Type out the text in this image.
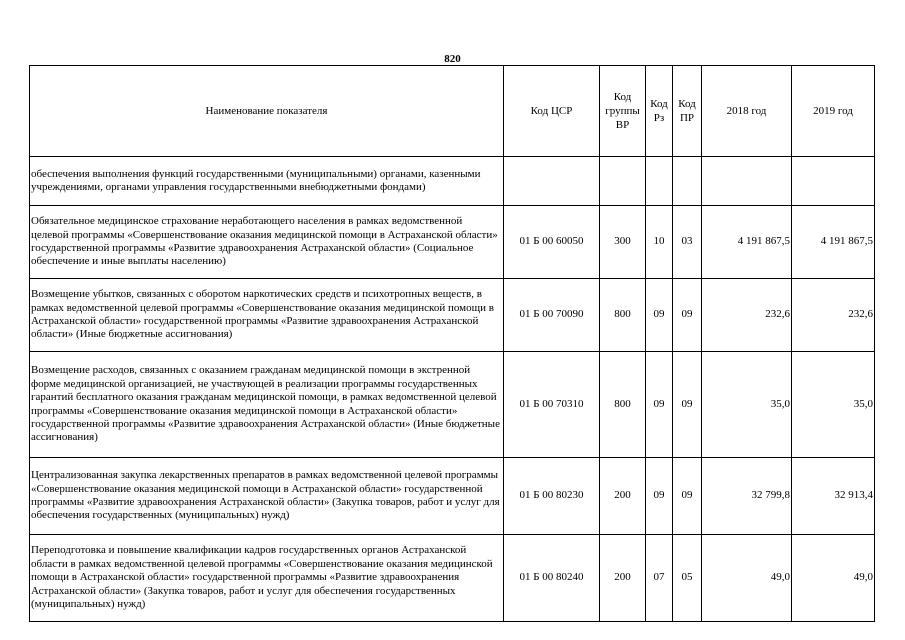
820
Наименование показателя	Код ЦСР	Код группы ВР	Код Рз	Код ПР	2018 год	2019 год
обеспечения выполнения функций государственными (муниципальными) органами, казенными учреждениями, органами управления государственными внебюджетными фондами)						
Обязательное медицинское страхование неработающего населения в рамках ведомственной целевой программы «Совершенствование оказания медицинской помощи в Астраханской области» государственной программы «Развитие здравоохранения Астраханской области» (Социальное обеспечение и иные выплаты населению)	01 Б 00 60050	300	10	03	4 191 867,5	4 191 867,5
Возмещение убытков, связанных с оборотом наркотических средств и психотропных веществ, в рамках ведомственной целевой программы «Совершенствование оказания медицинской помощи в Астраханской области» государственной программы «Развитие здравоохранения Астраханской области» (Иные бюджетные ассигнования)	01 Б 00 70090	800	09	09	232,6	232,6
Возмещение расходов, связанных с оказанием гражданам медицинской помощи в экстренной форме медицинской организацией, не участвующей в реализации программы государственных гарантий бесплатного оказания гражданам медицинской помощи, в рамках ведомственной целевой программы «Совершенствование оказания медицинской помощи в Астраханской области» государственной программы «Развитие здравоохранения Астраханской области» (Иные бюджетные ассигнования)	01 Б 00 70310	800	09	09	35,0	35,0
Централизованная закупка лекарственных препаратов в рамках ведомственной целевой программы «Совершенствование оказания медицинской помощи в Астраханской области» государственной программы «Развитие здравоохранения Астраханской области» (Закупка товаров, работ и услуг для обеспечения государственных (муниципальных) нужд)	01 Б 00 80230	200	09	09	32 799,8	32 913,4
Переподготовка и повышение квалификации кадров государственных органов Астраханской области в рамках ведомственной целевой программы «Совершенствование оказания медицинской помощи в Астраханской области» государственной программы «Развитие здравоохранения Астраханской области» (Закупка товаров, работ и услуг для обеспечения государственных (муниципальных) нужд)	01 Б 00 80240	200	07	05	49,0	49,0
